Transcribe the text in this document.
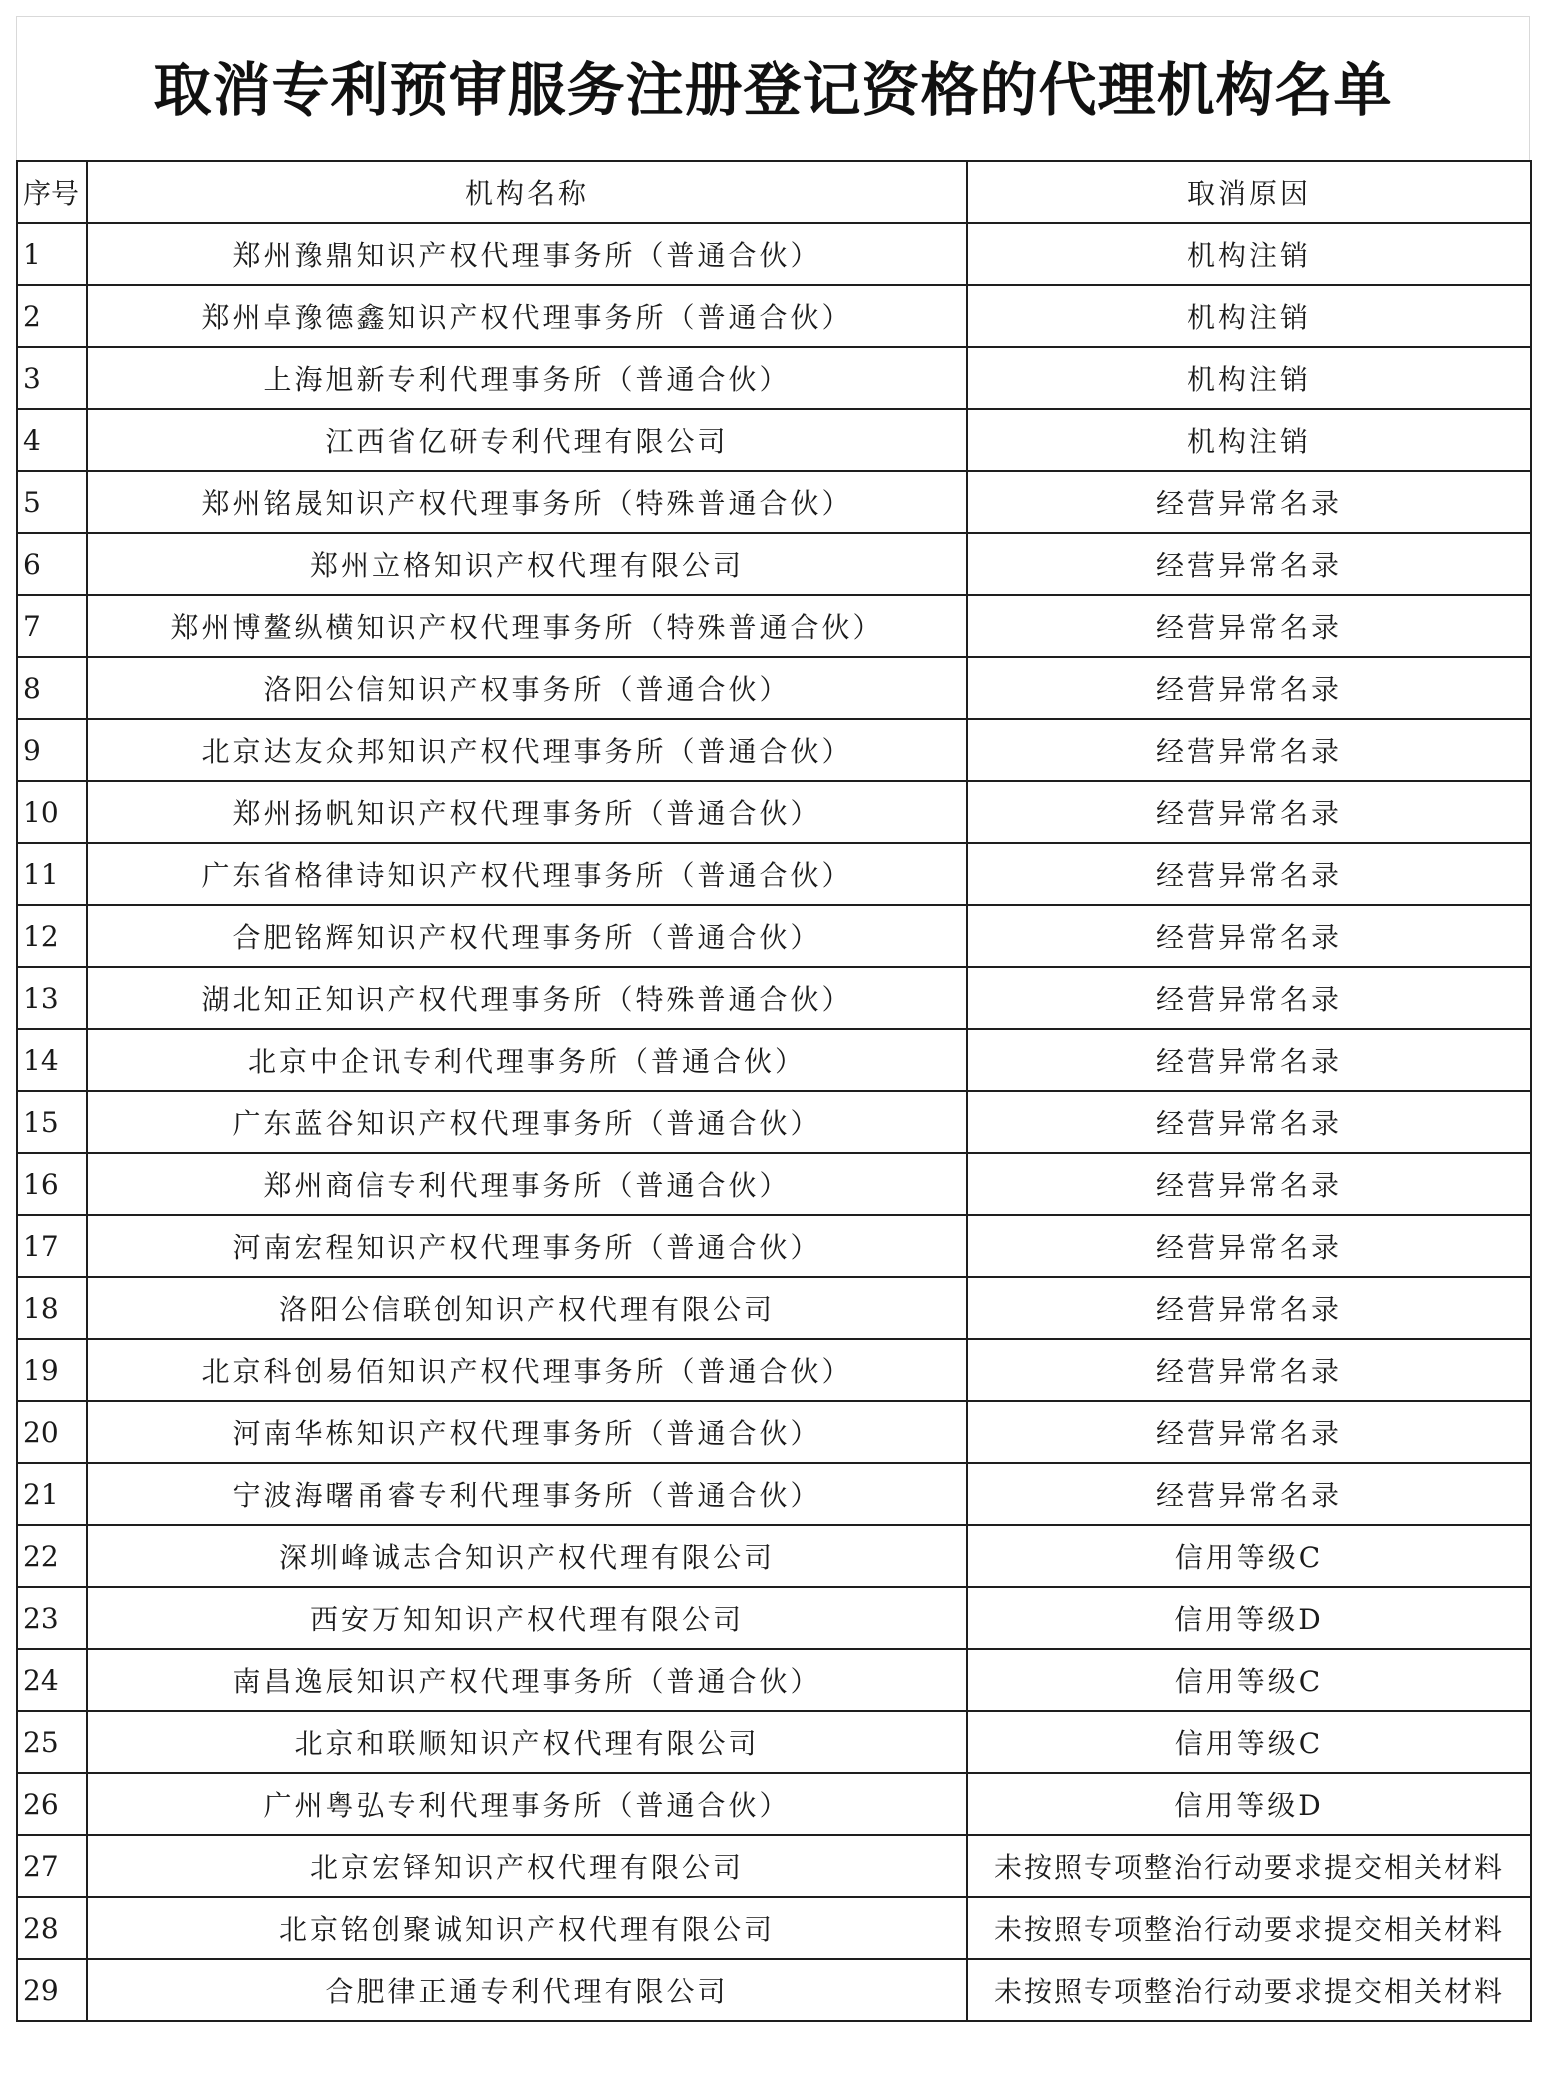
取消专利预审服务注册登记资格的代理机构名单
序号	机构名称	取消原因
1	郑州豫鼎知识产权代理事务所（普通合伙）	机构注销
2	郑州卓豫德鑫知识产权代理事务所（普通合伙）	机构注销
3	上海旭新专利代理事务所（普通合伙）	机构注销
4	江西省亿研专利代理有限公司	机构注销
5	郑州铭晟知识产权代理事务所（特殊普通合伙）	经营异常名录
6	郑州立格知识产权代理有限公司	经营异常名录
7	郑州博鳌纵横知识产权代理事务所（特殊普通合伙）	经营异常名录
8	洛阳公信知识产权事务所（普通合伙）	经营异常名录
9	北京达友众邦知识产权代理事务所（普通合伙）	经营异常名录
10	郑州扬帆知识产权代理事务所（普通合伙）	经营异常名录
11	广东省格律诗知识产权代理事务所（普通合伙）	经营异常名录
12	合肥铭辉知识产权代理事务所（普通合伙）	经营异常名录
13	湖北知正知识产权代理事务所（特殊普通合伙）	经营异常名录
14	北京中企讯专利代理事务所（普通合伙）	经营异常名录
15	广东蓝谷知识产权代理事务所（普通合伙）	经营异常名录
16	郑州商信专利代理事务所（普通合伙）	经营异常名录
17	河南宏程知识产权代理事务所（普通合伙）	经营异常名录
18	洛阳公信联创知识产权代理有限公司	经营异常名录
19	北京科创易佰知识产权代理事务所（普通合伙）	经营异常名录
20	河南华栋知识产权代理事务所（普通合伙）	经营异常名录
21	宁波海曙甬睿专利代理事务所（普通合伙）	经营异常名录
22	深圳峰诚志合知识产权代理有限公司	信用等级C
23	西安万知知识产权代理有限公司	信用等级D
24	南昌逸辰知识产权代理事务所（普通合伙）	信用等级C
25	北京和联顺知识产权代理有限公司	信用等级C
26	广州粤弘专利代理事务所（普通合伙）	信用等级D
27	北京宏铎知识产权代理有限公司	未按照专项整治行动要求提交相关材料
28	北京铭创聚诚知识产权代理有限公司	未按照专项整治行动要求提交相关材料
29	合肥律正通专利代理有限公司	未按照专项整治行动要求提交相关材料
